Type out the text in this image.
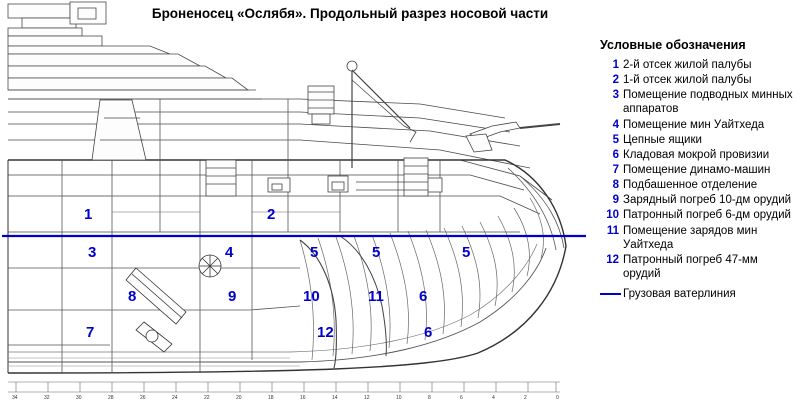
Броненосец «Ослябя». Продольный разрез носовой части
34	32	30	28	26	24	22	20	18	16	14	12	10	8	6	4	2	0
1	2
3	4	5	5	5
6
6
7
8	9	10	11
12
Условные обозначения
1 2-й отсек жилой палубы
2 1-й отсек жилой палубы
3 Помещение подводных минных аппаратов
4 Помещение мин Уайтхеда
5 Цепные ящики
6 Кладовая мокрой провизии
7 Помещение динамо-машин
8 Подбашенное отделение
9 Зарядный погреб 10-дм орудий
10 Патронный погреб 6-дм орудий
11 Помещение зарядов мин Уайтхеда
12 Патронный погреб 47-мм орудий
Грузовая ватерлиния
